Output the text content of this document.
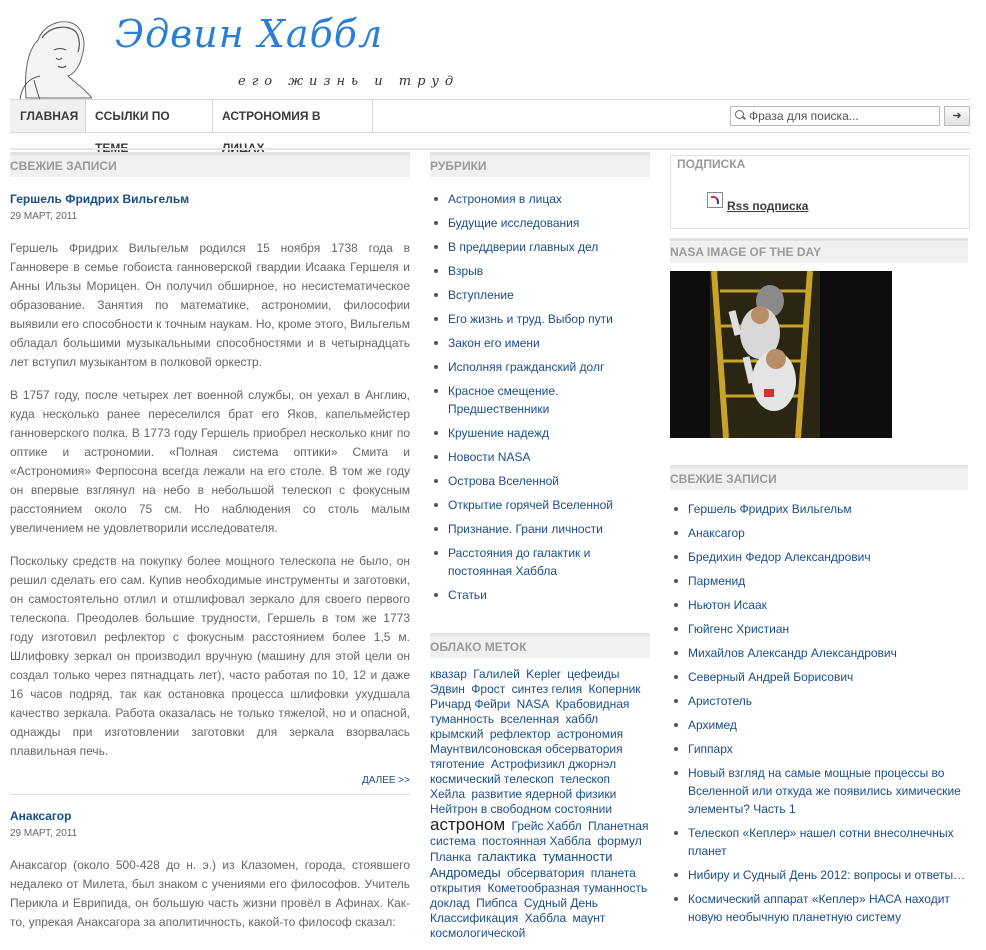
Эдвин Хаббл
его жизнь и труд
ГЛАВНАЯ	ССЫЛКИ ПО	АСТРОНОМИЯ В
Фраза для поиска...	➜
СВЕЖИЕ ЗАПИСИ
Гершель Фридрих Вильгельм
29 МАРТ, 2011

Гершель Фридрих Вильгельм родился 15 ноября 1738 года в Ганновере в семье гобоиста ганноверской гвардии Исаака Гершеля и Анны Ильзы Морицен. Он получил обширное, но несистематическое образование. Занятия по математике, астрономии, философии выявили его способности к точным наукам. Но, кроме этого, Вильгельм обладал большими музыкальными способностями и в четырнадцать лет вступил музыкантом в полковой оркестр.

В 1757 году, после четырех лет военной службы, он уехал в Англию, куда несколько ранее переселился брат его Яков, капельмейстер ганноверского полка. В 1773 году Гершель приобрел несколько книг по оптике и астрономии. «Полная система оптики» Смита и «Астрономия» Ферпосона всегда лежали на его столе. В том же году он впервые взглянул на небо в небольшой телескоп с фокусным расстоянием около 75 см. Но наблюдения со столь малым увеличением не удовлетворили исследователя.

Поскольку средств на покупку более мощного телескопа не было, он решил сделать его сам. Купив необходимые инструменты и заготовки, он самостоятельно отлил и отшлифовал зеркало для своего первого телескопа. Преодолев большие трудности, Гершель в том же 1773 году изготовил рефлектор с фокусным расстоянием более 1,5 м. Шлифовку зеркал он производил вручную (машину для этой цели он создал только через пятнадцать лет), часто работая по 10, 12 и даже 16 часов подряд, так как остановка процесса шлифовки ухудшала качество зеркала. Работа оказалась не только тяжелой, но и опасной, однажды при изготовлении заготовки для зеркала взорвалась плавильная печь.

ДАЛЕЕ >>
Анаксагор
29 МАРТ, 2011

Анаксагор (около 500-428 до н. э.) из Клазомен, города, стоявшего недалеко от Милета, был знаком с учениями его философов. Учитель Перикла и Еврипида, он большую часть жизни провёл в Афинах. Как-то, упрекая Анаксагора за аполитичность, какой-то философ сказал:

РУБРИКИ
Астрономия в лицах
Будущие исследования
В преддверии главных дел
Взрыв
Вступление
Его жизнь и труд. Выбор пути
Закон его имени
Исполняя гражданский долг
Красное смещение. Предшественники
Крушение надежд
Новости NASA
Острова Вселенной
Открытие горячей Вселенной
Признание. Грани личности
Расстояния до галактик и постоянная Хаббла
Статьи
ОБЛАКО МЕТОК
квазар Галилей Kepler цефеиды Эдвин Фрост синтез гелия Коперник Ричард Фейри NASA Крабовидная туманность вселенная хаббл крымский рефлектор астрономия Маунтвилсоновская обсерватория тяготение Астрофизикл джорнэл космический телескоп телескоп Хейла развитие ядерной физики Нейтрон в свободном состоянии астроном Грейс Хаббл Планетная система постоянная Хаббла формул Планка галактика туманности Андромеды обсерватория планета открытия Кометообразная туманность доклад Пибпса Судный День Классификация Хаббла маунт космологической
ПОДПИСКА
Rss подписка
NASA IMAGE OF THE DAY
СВЕЖИЕ ЗАПИСИ
Гершель Фридрих Вильгельм
Анаксагор
Бредихин Федор Александрович
Парменид
Ньютон Исаак
Гюйгенс Христиан
Михайлов Александр Александрович
Северный Андрей Борисович
Аристотель
Архимед
Гиппарх
Новый взгляд на самые мощные процессы во Вселенной или откуда же появились химические элементы? Часть 1
Телескоп «Кеплер» нашел сотни внесолнечных планет
Нибиру и Судный День 2012: вопросы и ответы…
Космический аппарат «Кеплер» НАСА находит новую необычную планетную систему
